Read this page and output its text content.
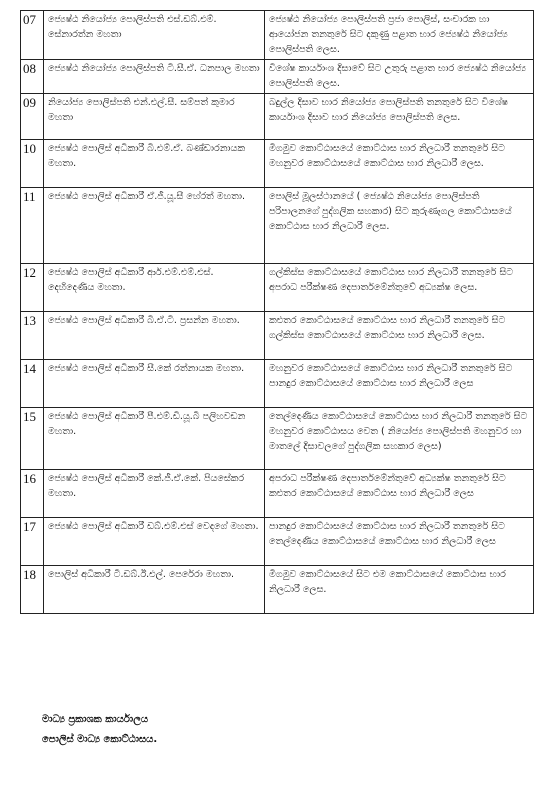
07	ජ්‍යෙෂ්ඨ නියෝජ්‍ය පොලිස්පති එස්.ඩබ්.එම්. සේනාරත්න මහතා	ජ්‍යෙෂ්ඨ නියෝජ්‍ය පොලිස්පති ප්‍රජා පොලිස්, සංචාරක හා ආයෝජන තනතුරේ සිට දකුණු පළාත භාර ජ්‍යෙෂ්ඨ නියෝජ්‍ය පොලිස්පති ලෙස.
08	ජ්‍යෙෂ්ඨ නියෝජ්‍ය පොලිස්පති ටී.සී.ඒ. ධනපාල මහතා	විශේෂ කාර්යාංශ දිසාවේ සිට උතුරු පළාත භාර ජ්‍යෙෂ්ඨ නියෝජ්‍ය පොලිස්පති ලෙස.
09	නියෝජ්‍ය පොලිස්පති එන්.එල්.සී. සම්පත් කුමාර මහතා	බදුල්ල දිසාව භාර නියෝජ්‍ය පොලිස්පති තනතුරේ සිට විශේෂ කාර්යාංශ දිසාව භාර නියෝජ්‍ය පොලිස්පති ලෙස.
10	ජ්‍යෙෂ්ඨ පොලිස් අධිකාරී බී.එම්.ඒ. බණ්ඩාරනායක මහතා.	මීගමුව කොට්ඨාසයේ කොට්ඨාස භාර නිලධාරී තනතුරේ සිට මහනුවර කොට්ඨාසයේ කොට්ඨාස භාර නිලධාරී ලෙස.
11	ජ්‍යෙෂ්ඨ පොලිස් අධිකාරී ඒ.ජී.යූ.සී හේරත් මහතා.	පොලිස් මූලස්ථානයේ ( ජ්‍යෙෂ්ඨ නියෝජ්‍ය පොලිස්පති පරිපාලනගේ පුද්ගලික සහකාර) සිට කුරුණෑගල කොට්ඨාසයේ කොට්ඨාස භාර නිලධාරී ලෙස.
12	ජ්‍යෙෂ්ඨ පොලිස් අධිකාරී ආර්.එම්.එම්.එස්. දෙහිදෙණිය මහතා.	ගල්කිස්ස කොට්ඨාසයේ කොට්ඨාස භාර නිලධාරී තනතුරේ සිට අපරාධ පරීක්ෂණ දෙපාර්තමේන්තුවේ අධ්‍යක්ෂ ලෙස.
13	ජ්‍යෙෂ්ඨ පොලිස් අධිකාරී බී.ඒ.ටී. ප්‍රසන්න මහතා.	කළුතර කොට්ඨාසයේ කොට්ඨාස භාර නිලධාරී තනතුරේ සිට ගල්කිස්ස කොට්ඨාසයේ කොට්ඨාස භාර නිලධාරී ලෙස.
14	ජ්‍යෙෂ්ඨ පොලිස් අධිකාරී සී.කේ රත්නායක මහතා.	මහනුවර කොට්ඨාසයේ කොට්ඨාස භාර නිලධාරී තනතුරේ සිට පානදුර කොට්ඨාසයේ කොට්ඨාස භාර නිලධාරී ලෙස
15	ජ්‍යෙෂ්ඨ පොලිස් අධිකාරී පී.එම්.ඩී.යූ.බී පලිහවඩන මහතා.	තෙල්දෙණිය කොට්ඨාසයේ කොට්ඨාස භාර නිලධාරී තනතුරේ සිට මහනුවර කොට්ඨාසය වෙත ( නියෝජ්‍ය පොලිස්පති මහනුවර හා මාතලේ දිසාවලගේ පුද්ගලික සහකාර ලෙස)
16	ජ්‍යෙෂ්ඨ පොලිස් අධිකාරී කේ.ජී.ඒ.කේ. පියසේකර මහතා.	අපරාධ පරීක්ෂණ දෙපාර්තමේන්තුවේ අධ්‍යක්ෂ තනතුරේ සිට කළුතර කොට්ඨාසයේ කොට්ඨාස භාර නිලධාරී ලෙස
17	ජ්‍යෙෂ්ඨ පොලිස් අධිකාරී ඩබ්.එම්.එස් වෙදගේ මහතා.	පානදුර කොට්ඨාසයේ කොට්ඨාස භාර නිලධාරී තනතුරේ සිට තෙල්දෙණිය කොට්ඨාසයේ කොට්ඨාස භාර නිලධාරී ලෙස
18	පොලිස් අධිකාරී ටී.ඩබ්.ඊ.එල්. පෙරේරා මහතා.	මීගමුව කොට්ඨාසයේ සිට එම කොට්ඨාසයේ කොට්ඨාස භාර නිලධාරී ලෙස.
මාධ්‍ය ප්‍රකාශක කාර්යාලය
පොලිස් මාධ්‍ය කොට්ඨාසය.
